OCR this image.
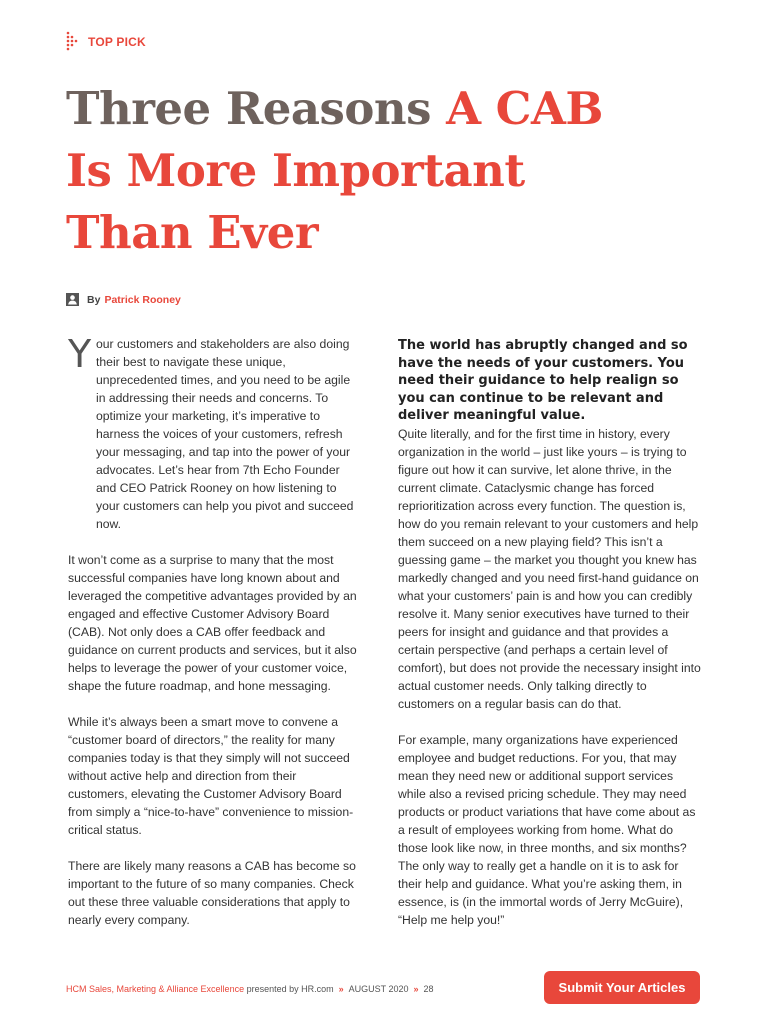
TOP PICK
Three Reasons A CAB
Is More Important
Than Ever
By Patrick Rooney

Y our customers and stakeholders are also doing their best to navigate these unique, unprecedented times, and you need to be agile in addressing their needs and concerns. To optimize your marketing, it’s imperative to harness the voices of your customers, refresh your messaging, and tap into the power of your advocates. Let’s hear from 7th Echo Founder and CEO Patrick Rooney on how listening to your customers can help you pivot and succeed now.

It won’t come as a surprise to many that the most successful companies have long known about and leveraged the competitive advantages provided by an engaged and effective Customer Advisory Board (CAB). Not only does a CAB offer feedback and guidance on current products and services, but it also helps to leverage the power of your customer voice, shape the future roadmap, and hone messaging.

While it’s always been a smart move to convene a “customer board of directors,” the reality for many companies today is that they simply will not succeed without active help and direction from their customers, elevating the Customer Advisory Board from simply a “nice-to-have” convenience to mission-critical status.

There are likely many reasons a CAB has become so important to the future of so many companies. Check out these three valuable considerations that apply to nearly every company.

The world has abruptly changed and so have the needs of your customers. You need their guidance to help realign so you can continue to be relevant and deliver meaningful value.

Quite literally, and for the first time in history, every organization in the world – just like yours – is trying to figure out how it can survive, let alone thrive, in the current climate. Cataclysmic change has forced reprioritization across every function. The question is, how do you remain relevant to your customers and help them succeed on a new playing field? This isn’t a guessing game – the market you thought you knew has markedly changed and you need first-hand guidance on what your customers’ pain is and how you can credibly resolve it. Many senior executives have turned to their peers for insight and guidance and that provides a certain perspective (and perhaps a certain level of comfort), but does not provide the necessary insight into actual customer needs. Only talking directly to customers on a regular basis can do that.

For example, many organizations have experienced employee and budget reductions. For you, that may mean they need new or additional support services while also a revised pricing schedule. They may need products or product variations that have come about as a result of employees working from home. What do those look like now, in three months, and six months? The only way to really get a handle on it is to ask for their help and guidance. What you’re asking them, in essence, is (in the immortal words of Jerry McGuire), “Help me help you!”

HCM Sales, Marketing & Alliance Excellence
presented by HR.com » AUGUST 2020 » 28	Submit Your Articles
